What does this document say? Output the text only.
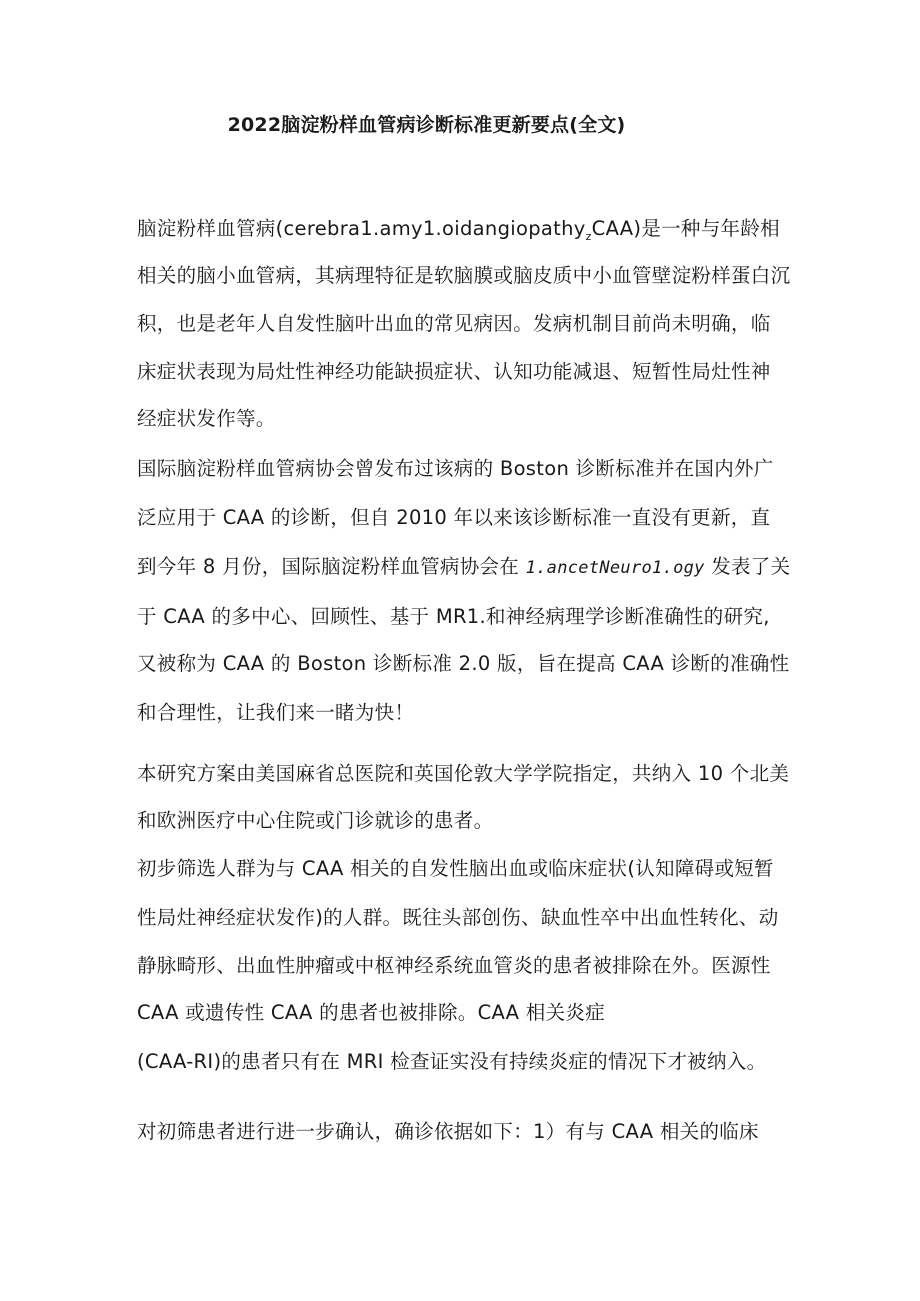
2022脑淀粉样血管病诊断标准更新要点(全文)
脑淀粉样血管病(cerebra1.amy1.oidangiopathy$_z$CAA)是一种与年龄相
相关的脑小血管病，其病理特征是软脑膜或脑皮质中小血管壁淀粉样蛋白沉
积，也是老年人自发性脑叶出血的常见病因。发病机制目前尚未明确，临
床症状表现为局灶性神经功能缺损症状、认知功能减退、短暂性局灶性神
经症状发作等。
国际脑淀粉样血管病协会曾发布过该病的 Boston 诊断标准并在国内外广
泛应用于 CAA 的诊断，但自 2010 年以来该诊断标准一直没有更新，直
到今年 8 月份，国际脑淀粉样血管病协会在 1.ancetNeuro1.ogy 发表了关
于 CAA 的多中心、回顾性、基于 MR1.和神经病理学诊断准确性的研究,
又被称为 CAA 的 Boston 诊断标准 2.0 版，旨在提高 CAA 诊断的准确性
和合理性，让我们来一睹为快！
本研究方案由美国麻省总医院和英国伦敦大学学院指定，共纳入 10 个北美
和欧洲医疗中心住院或门诊就诊的患者。
初步筛选人群为与 CAA 相关的自发性脑出血或临床症状(认知障碍或短暂
性局灶神经症状发作)的人群。既往头部创伤、缺血性卒中出血性转化、动
静脉畸形、出血性肿瘤或中枢神经系统血管炎的患者被排除在外。医源性
CAA 或遗传性 CAA 的患者也被排除。CAA 相关炎症
(CAA-RI)的患者只有在 MRI 检查证实没有持续炎症的情况下才被纳入。
对初筛患者进行进一步确认，确诊依据如下：1）有与 CAA 相关的临床
